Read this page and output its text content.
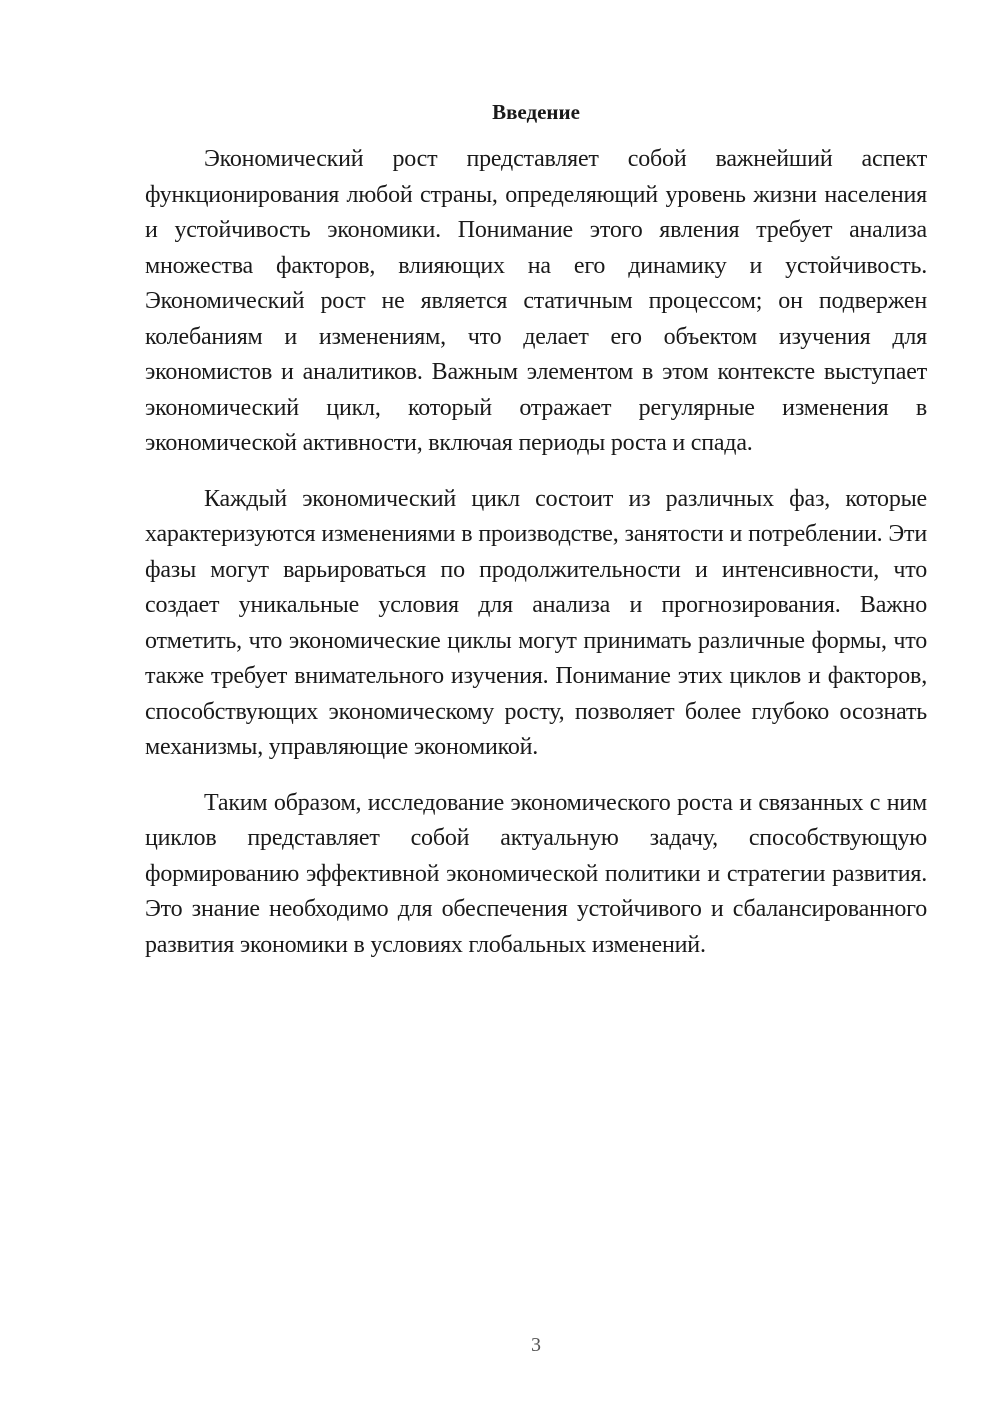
Введение

Экономический рост представляет собой важнейший аспект функционирования любой страны, определяющий уровень жизни населения и устойчивость экономики. Понимание этого явления требует анализа множества факторов, влияющих на его динамику и устойчивость. Экономический рост не является статичным процессом; он подвержен колебаниям и изменениям, что делает его объектом изучения для экономистов и аналитиков. Важным элементом в этом контексте выступает экономический цикл, который отражает регулярные изменения в экономической активности, включая периоды роста и спада.

Каждый экономический цикл состоит из различных фаз, которые характеризуются изменениями в производстве, занятости и потреблении. Эти фазы могут варьироваться по продолжительности и интенсивности, что создает уникальные условия для анализа и прогнозирования. Важно отметить, что экономические циклы могут принимать различные формы, что также требует внимательного изучения. Понимание этих циклов и факторов, способствующих экономическому росту, позволяет более глубоко осознать механизмы, управляющие экономикой.

Таким образом, исследование экономического роста и связанных с ним циклов представляет собой актуальную задачу, способствующую формированию эффективной экономической политики и стратегии развития. Это знание необходимо для обеспечения устойчивого и сбалансированного развития экономики в условиях глобальных изменений.

3
